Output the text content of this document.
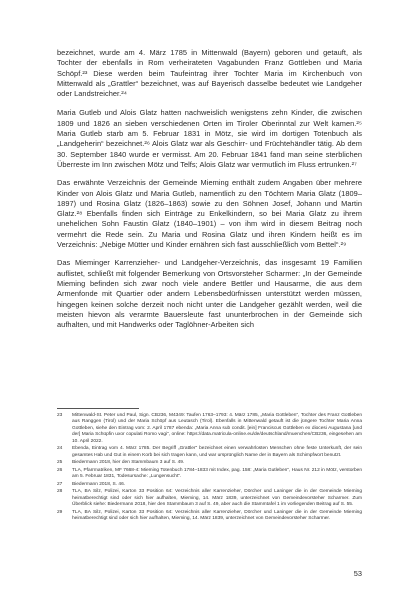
bezeichnet, wurde am 4. März 1785 in Mittenwald (Bayern) geboren und getauft, als Tochter der ebenfalls in Rom verheirateten Vagabunden Franz Gottleben und Maria Schöpf.²³ Diese werden beim Taufeintrag ihrer Tochter Maria im Kirchenbuch von Mittenwald als „Grattler“ bezeichnet, was auf Bayerisch dasselbe bedeutet wie Landgeher oder Landstreicher.²⁴

Maria Gutleb und Alois Glatz hatten nachweislich wenigstens zehn Kinder, die zwischen 1809 und 1826 an sieben verschiedenen Orten im Tiroler Oberinntal zur Welt kamen.²⁵ Maria Gutleb starb am 5. Februar 1831 in Mötz, sie wird im dortigen Totenbuch als „Landgeherin“ bezeichnet.²⁶ Alois Glatz war als Geschirr- und Früchtehändler tätig. Ab dem 30. September 1840 wurde er vermisst. Am 20. Februar 1841 fand man seine sterblichen Überreste im Inn zwischen Mötz und Telfs; Alois Glatz war vermutlich im Fluss ertrunken.²⁷

Das erwähnte Verzeichnis der Gemeinde Mieming enthält zudem Angaben über mehrere Kinder von Alois Glatz und Maria Gutleb, namentlich zu den Töchtern Maria Glatz (1809–1897) und Rosina Glatz (1826–1863) sowie zu den Söhnen Josef, Johann und Martin Glatz.²⁸ Ebenfalls finden sich Einträge zu Enkelkindern, so bei Maria Glatz zu ihrem unehelichen Sohn Faustin Glatz (1840–1901) – von ihm wird in diesem Beitrag noch vermehrt die Rede sein. Zu Maria und Rosina Glatz und ihren Kindern heißt es im Verzeichnis: „Nebige Mütter und Kinder ernähren sich fast ausschließlich vom Bettel“.²⁹

Das Mieminger Karrenzieher- und Landgeher-Verzeichnis, das insgesamt 19 Familien auflistet, schließt mit folgender Bemerkung von Ortsvorsteher Scharmer: „In der Gemeinde Mieming befinden sich zwar noch viele andere Bettler und Hausarme, die aus dem Armenfonde mit Quartier oder andern Lebensbedürfnissen unterstützt werden müssen, hingegen keinen solche derzeit noch nicht unter die Landgeher gezählt werden, weil die meisten hievon als verarmte Bauersleute fast ununterbrochen in der Gemeinde sich aufhalten, und mit Handwerks oder Taglöhner-Arbeiten sich

23	Mittenwald-St. Peter und Paul, Sign. CB236, M4349: Taufen 1763–1793: 4. März 1785, „Maria Gottleben“, Tochter des Franz Gottleben aus Ranggen (Tirol) und der Maria Schöpf aus Leutasch (Tirol). Ebenfalls in Mittenwald getauft ist die jüngere Tochter Maria Anna Gottleben, siehe den Eintrag vom: 2. April 1787 ebenda: „Maria Anna sub condit. [ein] Franciscus Gottleben ex diocesi Augustana [und der] Maria Schüpfin uxor copulati Romo vagi“, online: https://data.matricula-online.eu/de/deutschland/muenchen/CB236, eingesehen am 10. April 2022.
24	Ebenda, Eintrag vom 4. März 1785. Der Begriff „Grattler“ bezeichnet einen verwahrlosten Menschen ohne feste Unterkunft, der sein gesamtes Hab und Gut in einem Korb bei sich tragen kann, und war ursprünglich Name der in Bayern als Schimpfwort benutzt.
25	Biedermann 2018, hier den Stammbaum 3 auf S. 49.
26	TLA, Pfarrmatriken, MF 7668-4: Mieming Totenbuch 1784–1833 mit Index, pag. 158: „Maria Gutleben“, Haus Nr. 212 in Mötz, verstorben am 5. Februar 1831, Todesursache: „Lungensucht“.
27	Biedermann 2018, S. 46.
28	TLA, BA Silz, Polizei, Karton 33 Position 64: Verzeichnis aller Karrenzieher, Dörcher und Laninger die in der Gemeinde Mieming heimatberechtigt sind oder sich hier aufhalten, Mieming, 14. März 1839, unterzeichnet von Gemeindevorsteher Scharmer. Zum Überblick siehe: Biedermann 2018, hier den Stammbaum 3 auf S. 49, aber auch die Stammtafel 1 im vorliegenden Beitrag auf S. 55.
29	TLA, BA Silz, Polizei, Karton 33 Position 64: Verzeichnis aller Karrenzieher, Dörcher und Laninger die in der Gemeinde Mieming heimatberechtigt sind oder sich hier aufhalten, Mieming, 14. März 1839, unterzeichnet von Gemeindevorsteher Scharmer.
53
